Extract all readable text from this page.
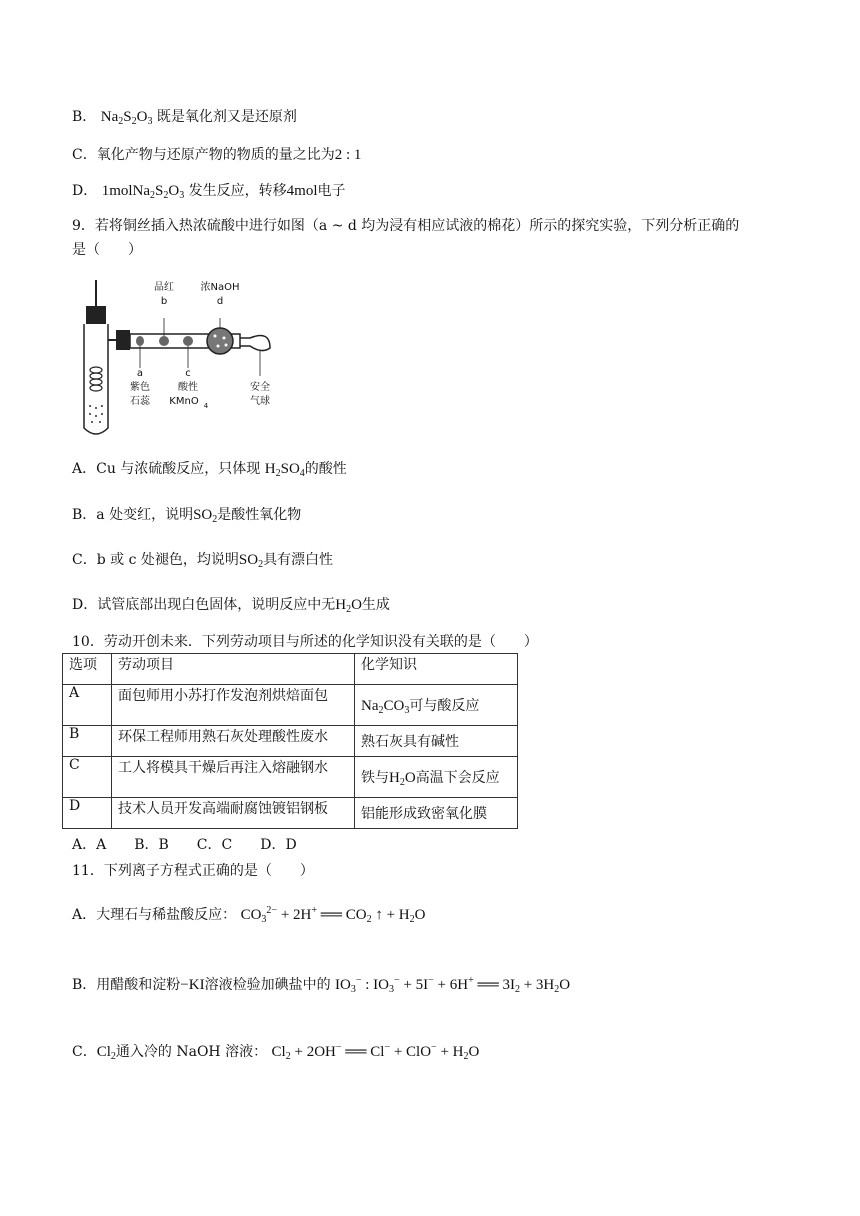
B． $Na_2S_2O_3$ 既是氧化剂又是还原剂
C．氧化产物与还原产物的物质的量之比为2 : 1
D． $1molNa_2S_2O_3$ 发生反应，转移4mol电子
9．若将铜丝插入热浓硫酸中进行如图（a ~ d 均为浸有相应试液的棉花）所示的探究实验，下列分析正确的
是（　　）
品红
b
浓NaOH
d
a
紫色
石蕊
c
酸性
KMnO 4
安全
气球
A．Cu 与浓硫酸反应，只体现 $H_2SO_4$的酸性
B．a 处变红，说明$SO_2$是酸性氧化物
C．b 或 c 处褪色，均说明$SO_2$具有漂白性
D．试管底部出现白色固体，说明反应中无$H_2O$生成
10．劳动开创未来．下列劳动项目与所述的化学知识没有关联的是（　　）
选项	劳动项目	化学知识
A	面包师用小苏打作发泡剂烘焙面包	$Na_2CO_3$可与酸反应
B	环保工程师用熟石灰处理酸性废水	熟石灰具有碱性
C	工人将模具干燥后再注入熔融钢水	铁与$H_2O$高温下会反应
D	技术人员开发高端耐腐蚀镀铝钢板	铝能形成致密氧化膜
A．A　　B．B　　C．C　　D．D
11．下列离子方程式正确的是（　　）
A．大理石与稀盐酸反应： $CO_3^{2-} + 2H^+$ ══ $CO_2$ ↑ + $H_2O$
B．用醋酸和淀粉−KI溶液检验加碘盐中的 $IO_3^-$ : $IO_3^- + 5I^- + 6H^+$ ══ $3I_2 + 3H_2O$
C．$Cl_2$通入冷的 NaOH 溶液： $Cl_2 + 2OH^-$ ══ $Cl^- + ClO^- + H_2O$
